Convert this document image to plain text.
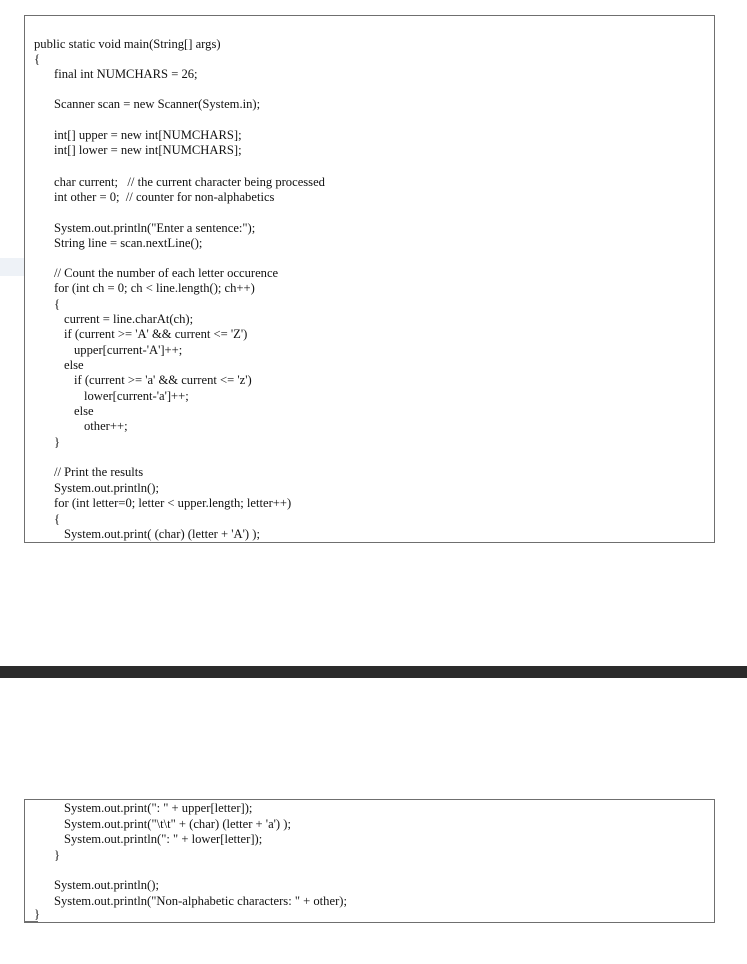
public static void main(String[] args)
{
final int NUMCHARS = 26;
Scanner scan = new Scanner(System.in);
int[] upper = new int[NUMCHARS];
int[] lower = new int[NUMCHARS];
char current;   // the current character being processed
int other = 0;  // counter for non-alphabetics
System.out.println("Enter a sentence:");
String line = scan.nextLine();
// Count the number of each letter occurence
for (int ch = 0; ch < line.length(); ch++)
{
current = line.charAt(ch);
if (current >= 'A' && current <= 'Z')
upper[current-'A']++;
else
if (current >= 'a' && current <= 'z')
lower[current-'a']++;
else
other++;
}
// Print the results
System.out.println();
for (int letter=0; letter < upper.length; letter++)
{
System.out.print( (char) (letter + 'A') );
System.out.print(": " + upper[letter]);
System.out.print("\t\t" + (char) (letter + 'a') );
System.out.println(": " + lower[letter]);
}
System.out.println();
System.out.println("Non-alphabetic characters: " + other);
}
